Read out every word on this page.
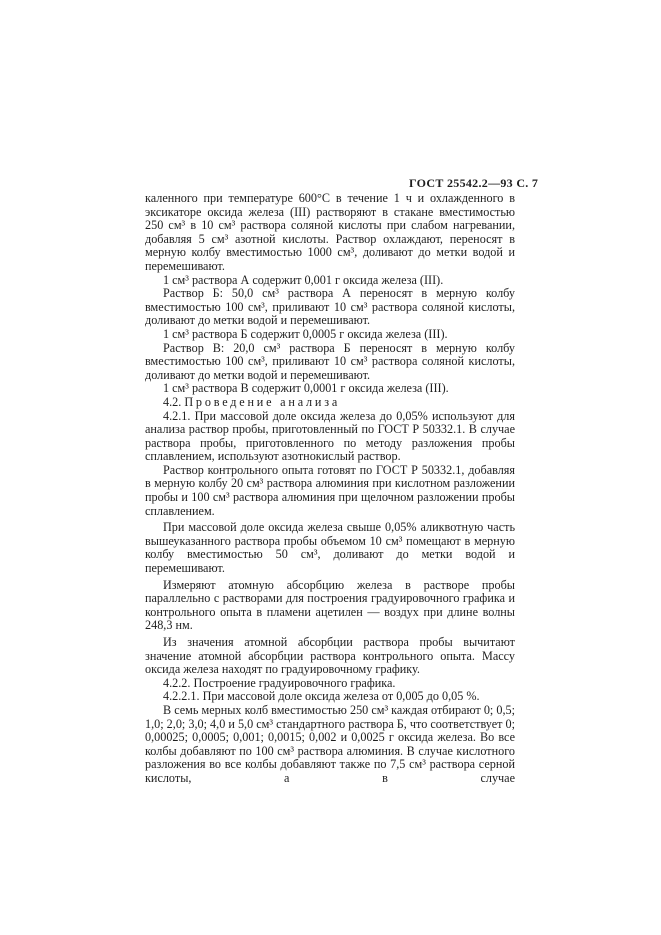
ГОСТ 25542.2—93 С. 7

каленного при температуре 600°С в течение 1 ч и охлажденного в эксикаторе оксида железа (III) растворяют в стакане вместимостью 250 см³ в 10 см³ раствора соляной кислоты при слабом нагревании, добавляя 5 см³ азотной кислоты. Раствор охлаждают, переносят в мерную колбу вместимостью 1000 см³, доливают до метки водой и перемешивают.

1 см³ раствора А содержит 0,001 г оксида железа (III).

Раствор Б: 50,0 см³ раствора А переносят в мерную колбу вместимостью 100 см³, приливают 10 см³ раствора соляной кислоты, доливают до метки водой и перемешивают.

1 см³ раствора Б содержит 0,0005 г оксида железа (III).

Раствор В: 20,0 см³ раствора Б переносят в мерную колбу вместимостью 100 см³, приливают 10 см³ раствора соляной кислоты, доливают до метки водой и перемешивают.

1 см³ раствора В содержит 0,0001 г оксида железа (III).

4.2. Проведение анализа

4.2.1. При массовой доле оксида железа до 0,05% используют для анализа раствор пробы, приготовленный по ГОСТ Р 50332.1. В случае раствора пробы, приготовленного по методу разложения пробы сплавлением, используют азотнокислый раствор.

Раствор контрольного опыта готовят по ГОСТ Р 50332.1, добавляя в мерную колбу 20 см³ раствора алюминия при кислотном разложении пробы и 100 см³ раствора алюминия при щелочном разложении пробы сплавлением.

При массовой доле оксида железа свыше 0,05% аликвотную часть вышеуказанного раствора пробы объемом 10 см³ помещают в мерную колбу вместимостью 50 см³, доливают до метки водой и перемешивают.

Измеряют атомную абсорбцию железа в растворе пробы параллельно с растворами для построения градуировочного графика и контрольного опыта в пламени ацетилен — воздух при длине волны 248,3 нм.

Из значения атомной абсорбции раствора пробы вычитают значение атомной абсорбции раствора контрольного опыта. Массу оксида железа находят по градуировочному графику.

4.2.2. Построение градуировочного графика.

4.2.2.1. При массовой доле оксида железа от 0,005 до 0,05 %.

В семь мерных колб вместимостью 250 см³ каждая отбирают 0; 0,5; 1,0; 2,0; 3,0; 4,0 и 5,0 см³ стандартного раствора Б, что соответствует 0; 0,00025; 0,0005; 0,001; 0,0015; 0,002 и 0,0025 г оксида железа. Во все колбы добавляют по 100 см³ раствора алюминия. В случае кислотного разложения во все колбы добавляют также по 7,5 см³ раствора серной кислоты, а в случае
